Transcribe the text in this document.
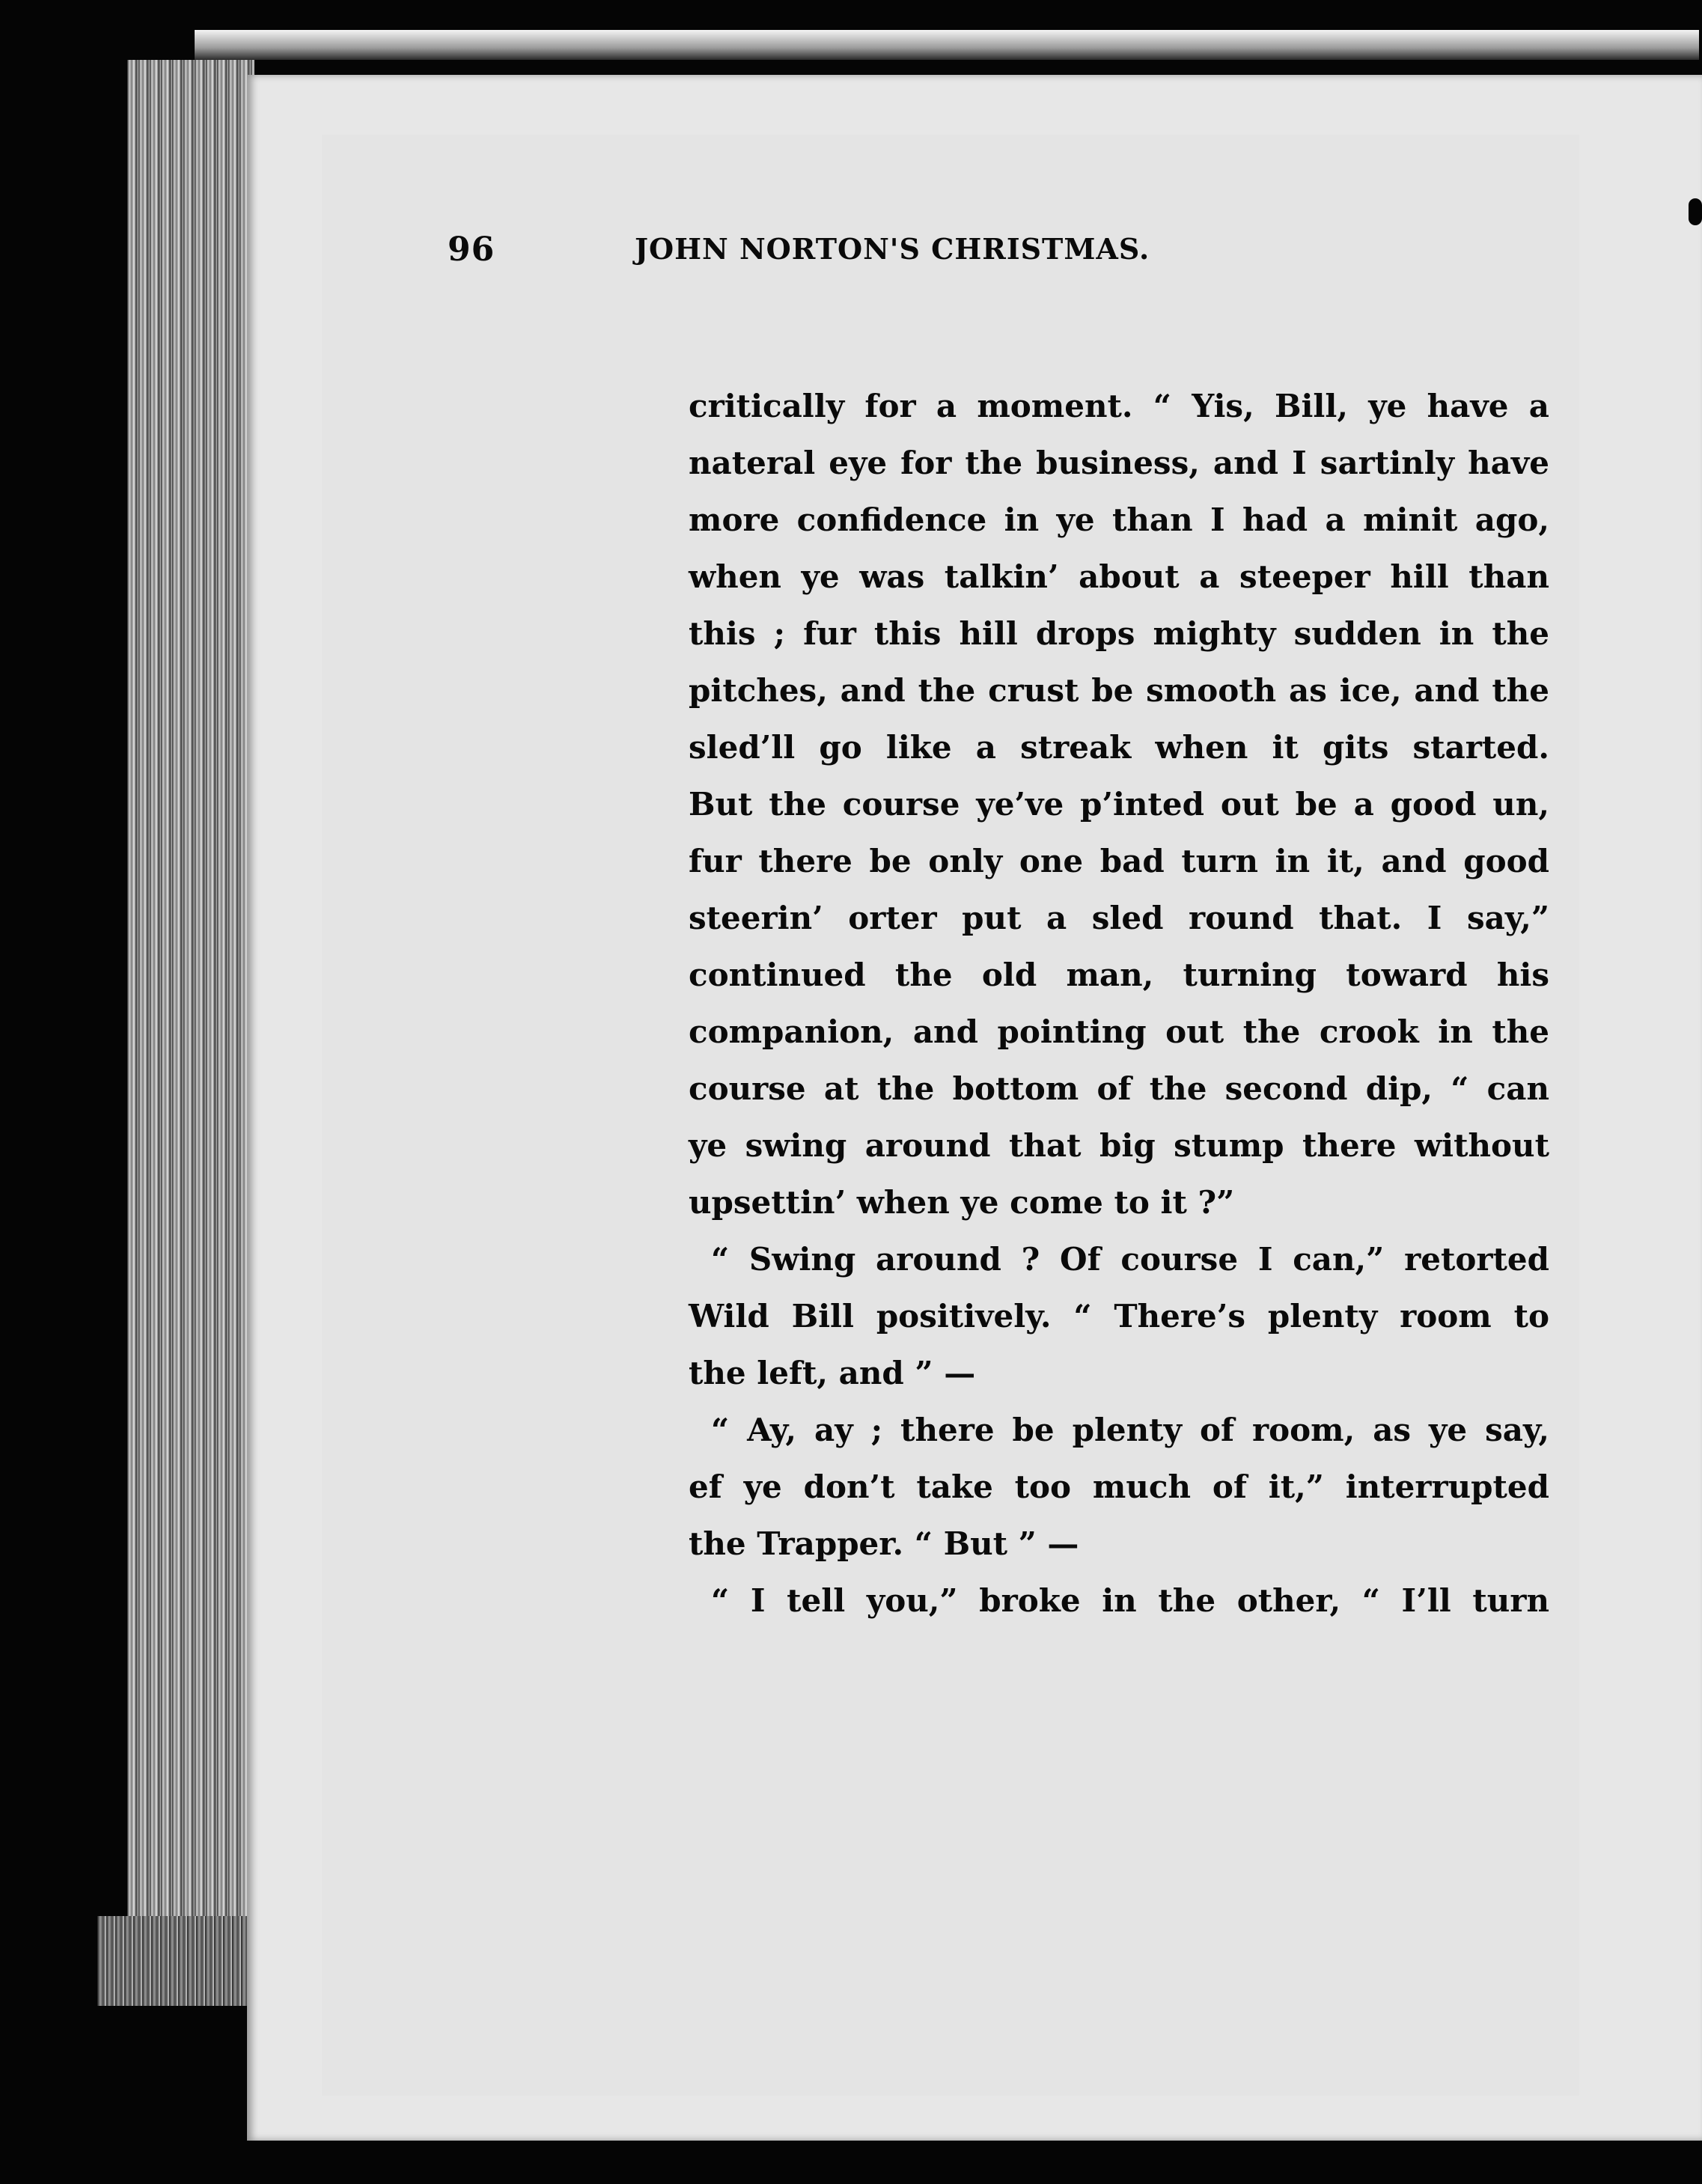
96	JOHN NORTON'S CHRISTMAS.
critically for a moment. “ Yis, Bill, ye have a
nateral eye for the business, and I sartinly have
more confidence in ye than I had a minit ago,
when ye was talkin’ about a steeper hill than
this ; fur this hill drops mighty sudden in the
pitches, and the crust be smooth as ice, and the
sled’ll go like a streak when it gits started.
But the course ye’ve p’inted out be a good un,
fur there be only one bad turn in it, and good
steerin’ orter put a sled round that. I say,”
continued the old man, turning toward his
companion, and pointing out the crook in the
course at the bottom of the second dip, “ can
ye swing around that big stump there without
upsettin’ when ye come to it ?”
“ Swing around ? Of course I can,” retorted
Wild Bill positively. “ There’s plenty room to
the left, and ” —
“ Ay, ay ; there be plenty of room, as ye say,
ef ye don’t take too much of it,” interrupted
the Trapper. “ But ” —
“ I tell you,” broke in the other, “ I’ll turn
